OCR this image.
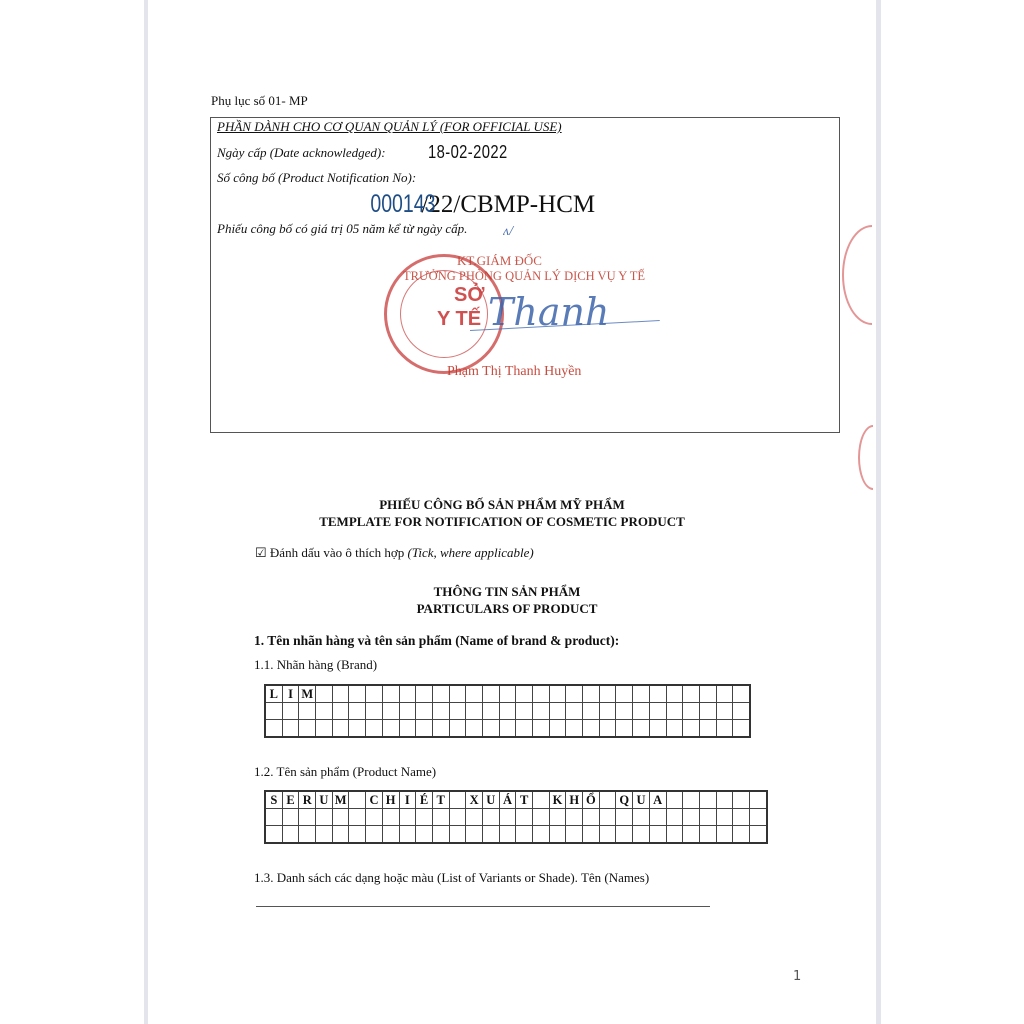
Phụ lục số 01- MP
PHẦN DÀNH CHO CƠ QUAN QUẢN LÝ (FOR OFFICIAL USE)
Ngày cấp (Date acknowledged): 18-02-2022
Số công bố (Product Notification No):
000143/22/CBMP-HCM
Phiếu công bố có giá trị 05 năm kể từ ngày cấp.	ʌ/
SỞ
Y TẾ
KT.GIÁM ĐỐC
TRƯỞNG PHÒNG QUẢN LÝ DỊCH VỤ Y TẾ
Thanh
Phạm Thị Thanh Huyền
PHIẾU CÔNG BỐ SẢN PHẨM MỸ PHẨM
TEMPLATE FOR NOTIFICATION OF COSMETIC PRODUCT
☑ Đánh dấu vào ô thích hợp (Tick, where applicable)
THÔNG TIN SẢN PHẨM
PARTICULARS OF PRODUCT
1. Tên nhãn hàng và tên sản phẩm (Name of brand & product):
1.1. Nhãn hàng (Brand)
L	I	M																										

1.2. Tên sản phẩm (Product Name)
S	E	R	U	M		C	H	I	É	T		X	U	Á	T		K	H	Ổ		Q	U	A						

1.3. Danh sách các dạng hoặc màu (List of Variants or Shade). Tên (Names)
1
